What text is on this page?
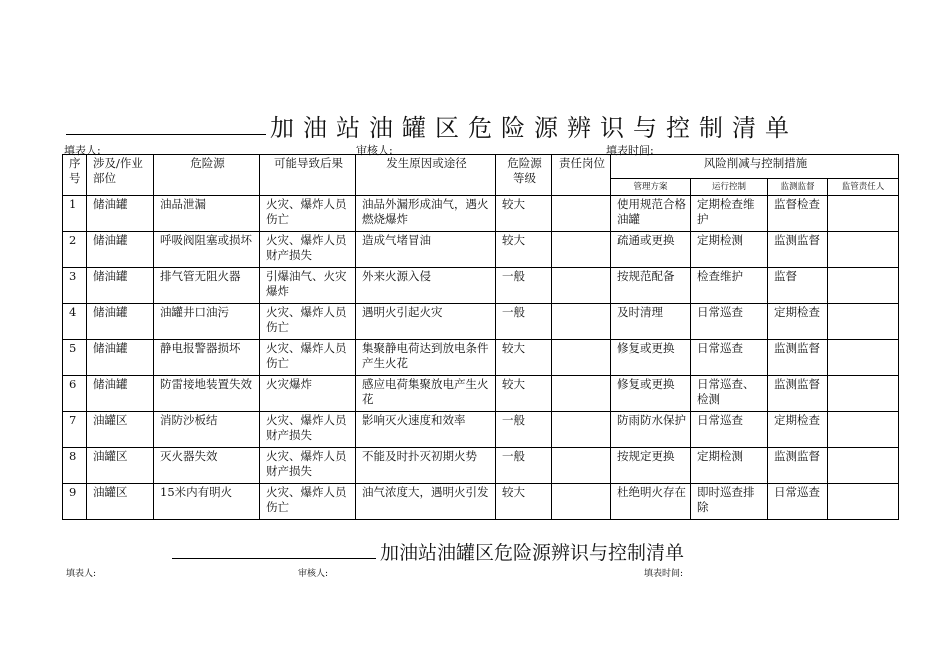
加油站油罐区危险源辨识与控制清单
填表人:	审核人:	填表时间:
序号	涉及/作业部位	危险源	可能导致后果	发生原因或途径	危险源等级	责任岗位	风险削减与控制措施			
							管理方案	运行控制	监测监督	监管责任人
1	储油罐	油品泄漏	火灾、爆炸人员伤亡	油品外漏形成油气，遇火燃烧爆炸	较大		使用规范合格油罐	定期检查维护	监督检查	
2	储油罐	呼吸阀阻塞或损坏	火灾、爆炸人员财产损失	造成气堵冒油	较大		疏通或更换	定期检测	监测监督	
3	储油罐	排气管无阻火器	引爆油气、火灾爆炸	外来火源入侵	一般		按规范配备	检查维护	监督	
4	储油罐	油罐井口油污	火灾、爆炸人员伤亡	遇明火引起火灾	一般		及时清理	日常巡查	定期检查	
5	储油罐	静电报警器损坏	火灾、爆炸人员伤亡	集聚静电荷达到放电条件产生火花	较大		修复或更换	日常巡查	监测监督	
6	储油罐	防雷接地装置失效	火灾爆炸	感应电荷集聚放电产生火花	较大		修复或更换	日常巡查、检测	监测监督	
7	油罐区	消防沙板结	火灾、爆炸人员财产损失	影响灭火速度和效率	一般		防雨防水保护	日常巡查	定期检查	
8	油罐区	灭火器失效	火灾、爆炸人员财产损失	不能及时扑灭初期火势	一般		按规定更换	定期检测	监测监督	
9	油罐区	15米内有明火	火灾、爆炸人员伤亡	油气浓度大，遇明火引发	较大		杜绝明火存在	即时巡查排除	日常巡查	
加油站油罐区危险源辨识与控制清单
填表人:	审核人:	填表时间:
